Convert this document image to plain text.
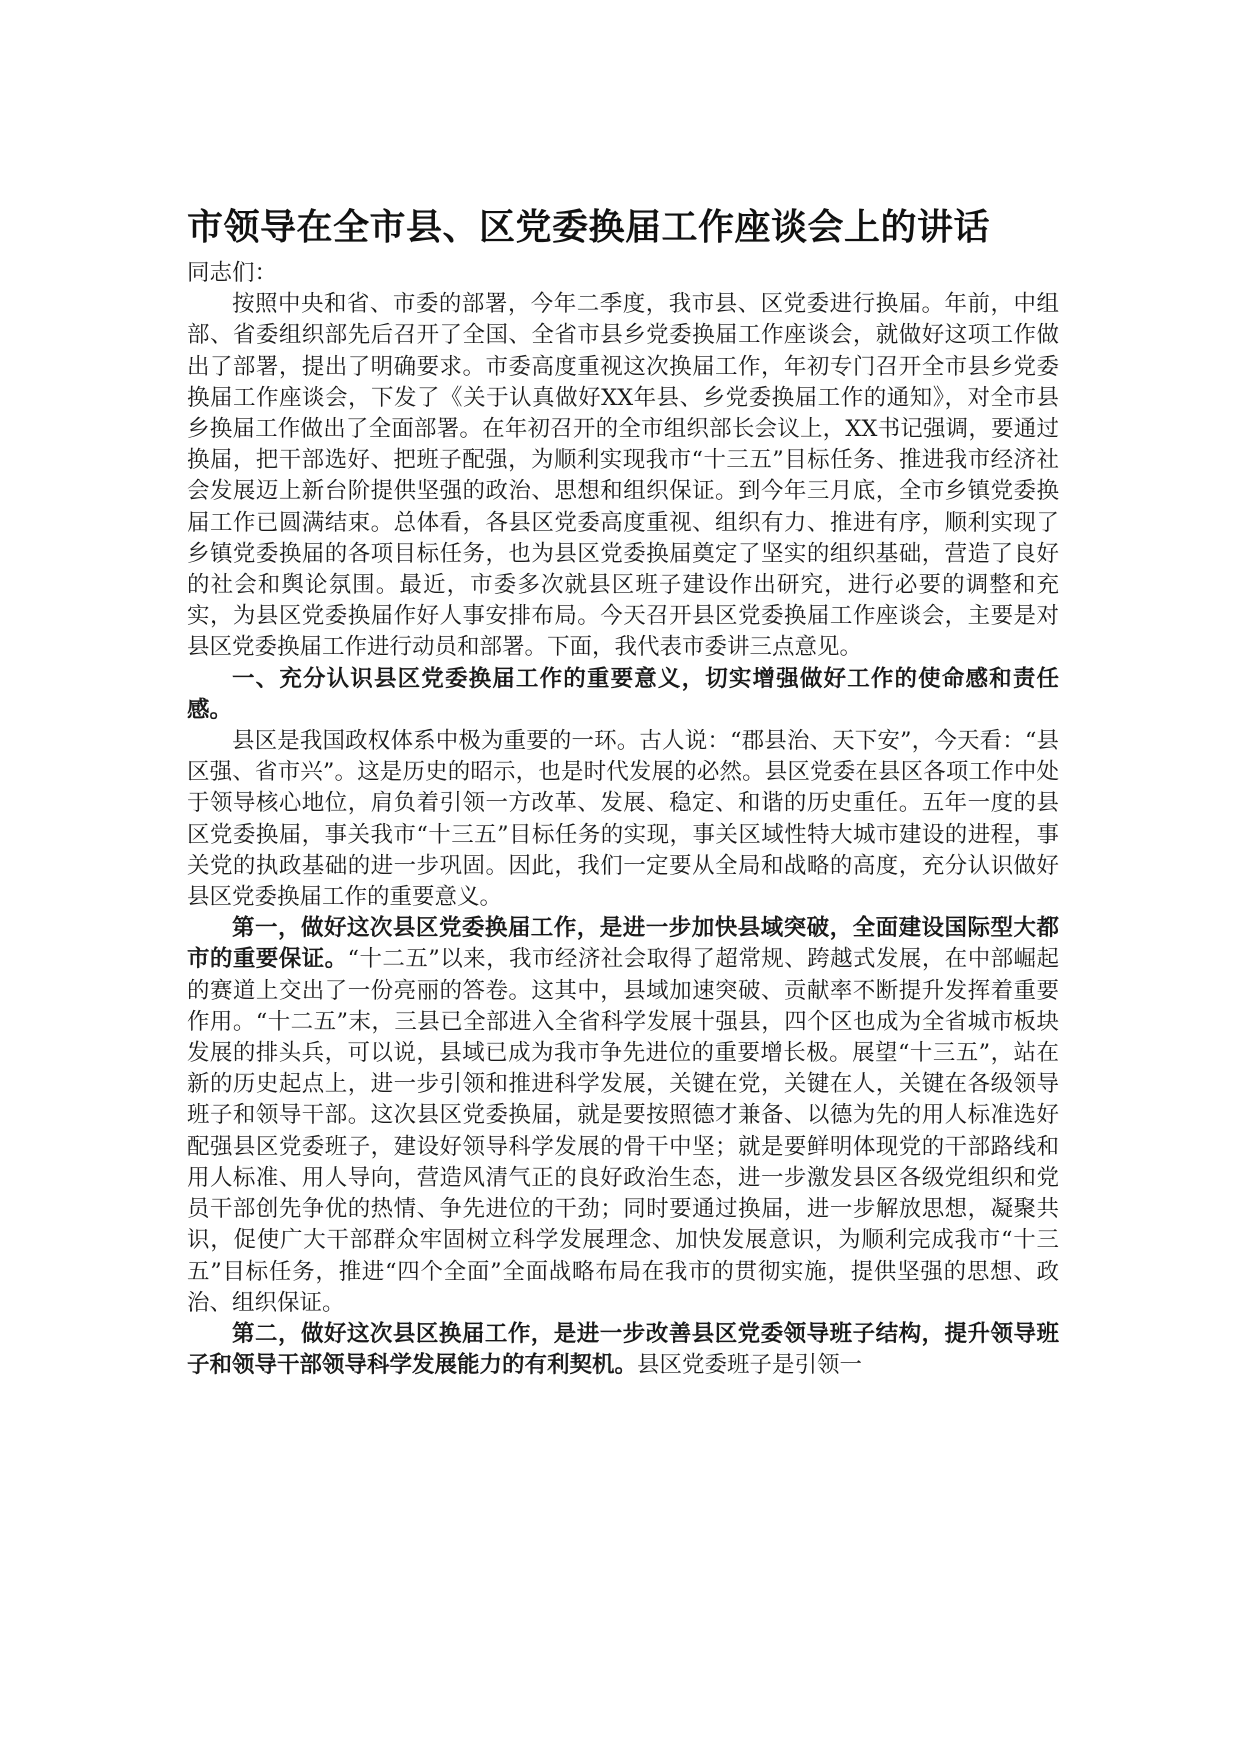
市领导在全市县、区党委换届工作座谈会上的讲话
同志们：

按照中央和省、市委的部署，今年二季度，我市县、区党委进行换届。年前，中组部、省委组织部先后召开了全国、全省市县乡党委换届工作座谈会，就做好这项工作做出了部署，提出了明确要求。市委高度重视这次换届工作，年初专门召开全市县乡党委换届工作座谈会，下发了《关于认真做好XX年县、乡党委换届工作的通知》，对全市县乡换届工作做出了全面部署。在年初召开的全市组织部长会议上，XX书记强调，要通过换届，把干部选好、把班子配强，为顺利实现我市“十三五”目标任务、推进我市经济社会发展迈上新台阶提供坚强的政治、思想和组织保证。到今年三月底，全市乡镇党委换届工作已圆满结束。总体看，各县区党委高度重视、组织有力、推进有序，顺利实现了乡镇党委换届的各项目标任务，也为县区党委换届奠定了坚实的组织基础，营造了良好的社会和舆论氛围。最近，市委多次就县区班子建设作出研究，进行必要的调整和充实，为县区党委换届作好人事安排布局。今天召开县区党委换届工作座谈会，主要是对县区党委换届工作进行动员和部署。下面，我代表市委讲三点意见。

一、充分认识县区党委换届工作的重要意义，切实增强做好工作的使命感和责任感。

县区是我国政权体系中极为重要的一环。古人说：“郡县治、天下安”，今天看：“县区强、省市兴”。这是历史的昭示，也是时代发展的必然。县区党委在县区各项工作中处于领导核心地位，肩负着引领一方改革、发展、稳定、和谐的历史重任。五年一度的县区党委换届，事关我市“十三五”目标任务的实现，事关区域性特大城市建设的进程，事关党的执政基础的进一步巩固。因此，我们一定要从全局和战略的高度，充分认识做好县区党委换届工作的重要意义。

第一，做好这次县区党委换届工作，是进一步加快县域突破，全面建设国际型大都市的重要保证。“十二五”以来，我市经济社会取得了超常规、跨越式发展，在中部崛起的赛道上交出了一份亮丽的答卷。这其中，县域加速突破、贡献率不断提升发挥着重要作用。“十二五”末，三县已全部进入全省科学发展十强县，四个区也成为全省城市板块发展的排头兵，可以说，县域已成为我市争先进位的重要增长极。展望“十三五”，站在新的历史起点上，进一步引领和推进科学发展，关键在党，关键在人，关键在各级领导班子和领导干部。这次县区党委换届，就是要按照德才兼备、以德为先的用人标准选好配强县区党委班子，建设好领导科学发展的骨干中坚；就是要鲜明体现党的干部路线和用人标准、用人导向，营造风清气正的良好政治生态，进一步激发县区各级党组织和党员干部创先争优的热情、争先进位的干劲；同时要通过换届，进一步解放思想，凝聚共识，促使广大干部群众牢固树立科学发展理念、加快发展意识，为顺利完成我市“十三五”目标任务，推进“四个全面”全面战略布局在我市的贯彻实施，提供坚强的思想、政治、组织保证。

第二，做好这次县区换届工作，是进一步改善县区党委领导班子结构，提升领导班子和领导干部领导科学发展能力的有利契机。县区党委班子是引领一
